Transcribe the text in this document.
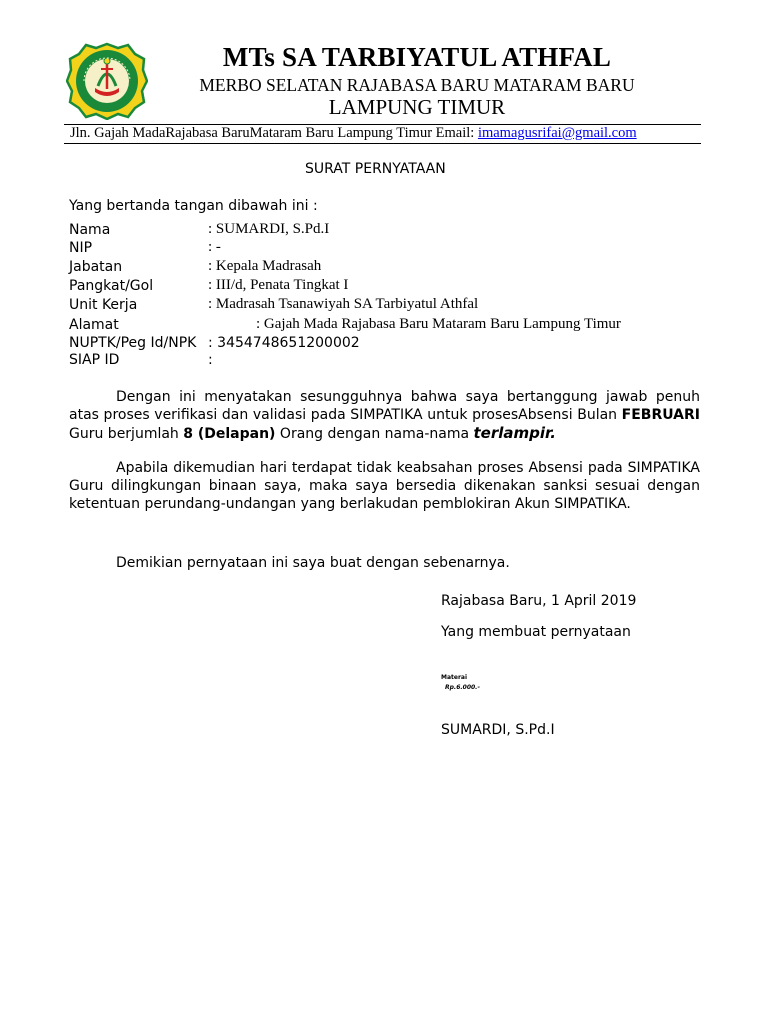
MTs SA TARBIYATUL ATHFAL
MERBO SELATAN RAJABASA BARU MATARAM BARU
LAMPUNG TIMUR
Jln. Gajah MadaRajabasa BaruMataram Baru Lampung Timur Email: imamagusrifai@gmail.com
SURAT PERNYATAAN
Yang bertanda tangan dibawah ini :
Nama	: SUMARDI, S.Pd.I
NIP	: -
Jabatan	: Kepala Madrasah
Pangkat/Gol	: III/d, Penata Tingkat I
Unit Kerja	: Madrasah Tsanawiyah SA Tarbiyatul Athfal
Alamat	: Gajah Mada Rajabasa Baru Mataram Baru Lampung Timur
NUPTK/Peg Id/NPK : 3454748651200002
SIAP ID	:
Dengan ini menyatakan sesungguhnya bahwa saya bertanggung jawab penuh atas proses verifikasi dan validasi pada SIMPATIKA untuk prosesAbsensi Bulan FEBRUARI Guru berjumlah 8 (Delapan) Orang dengan nama-nama terlampir.
Apabila dikemudian hari terdapat tidak keabsahan proses Absensi pada SIMPATIKA Guru dilingkungan binaan saya, maka saya bersedia dikenakan sanksi sesuai dengan ketentuan perundang-undangan yang berlakudan pemblokiran Akun SIMPATIKA.
Demikian pernyataan ini saya buat dengan sebenarnya.
Rajabasa Baru, 1 April 2019
Yang membuat pernyataan
Materai
Rp.6.000.-
SUMARDI, S.Pd.I
